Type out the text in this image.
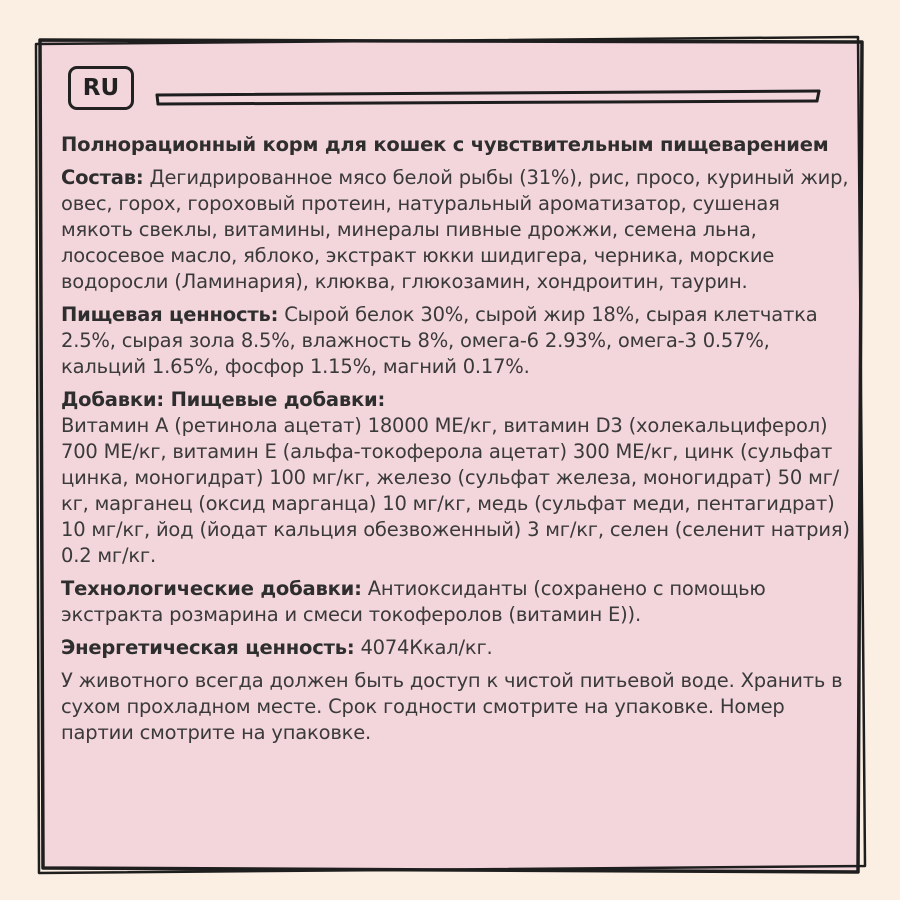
RU

Полнорационный корм для кошек с чувствительным пищеварением

Состав: Дегидрированное мясо белой рыбы (31%), рис, просо, куриный жир, овес, горох, гороховый протеин, натуральный ароматизатор, сушеная мякоть свеклы, витамины, минералы пивные дрожжи, семена льна, лососевое масло, яблоко, экстракт юкки шидигера, черника, морские водоросли (Ламинария), клюква, глюкозамин, хондроитин, таурин.

Пищевая ценность: Сырой белок 30%, сырой жир 18%, сырая клетчатка 2.5%, сырая зола 8.5%, влажность 8%, омега-6 2.93%, омега-3 0.57%, кальций 1.65%, фосфор 1.15%, магний 0.17%.

Добавки: Пищевые добавки:
Витамин А (ретинола ацетат) 18000 МЕ/кг, витамин D3 (холекальциферол) 700 МЕ/кг, витамин Е (альфа-токоферола ацетат) 300 МЕ/кг, цинк (сульфат цинка, моногидрат) 100 мг/кг, железо (сульфат железа, моногидрат) 50 мг/кг, марганец (оксид марганца) 10 мг/кг, медь (сульфат меди, пентагидрат) 10 мг/кг, йод (йодат кальция обезвоженный) 3 мг/кг, селен (селенит натрия) 0.2 мг/кг.

Технологические добавки: Антиоксиданты (сохранено с помощью экстракта розмарина и смеси токоферолов (витамин Е)).

Энергетическая ценность: 4074Ккал/кг.

У животного всегда должен быть доступ к чистой питьевой воде. Хранить в сухом прохладном месте. Срок годности смотрите на упаковке. Номер партии смотрите на упаковке.
